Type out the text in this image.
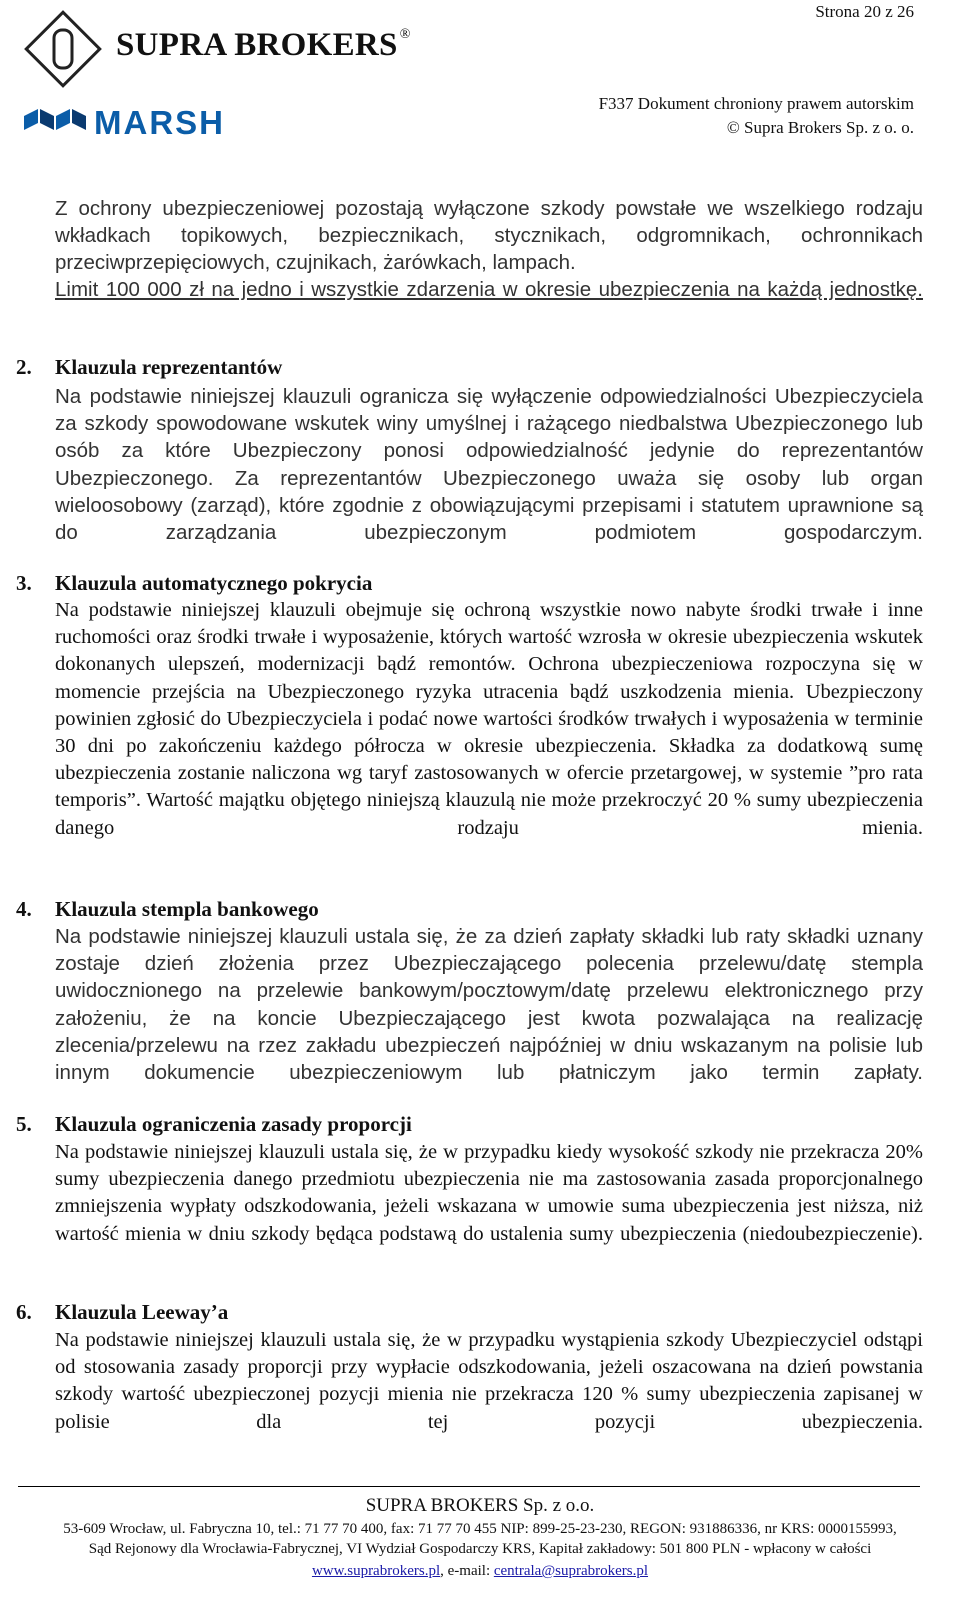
Strona 20 z 26
SUPRA BROKERS ®
MARSH
F337 Dokument chroniony prawem autorskim
© Supra Brokers Sp. z o. o.
Z ochrony ubezpieczeniowej pozostają wyłączone szkody powstałe we wszelkiego rodzaju wkładkach topikowych, bezpiecznikach, stycznikach, odgromnikach, ochronnikach przeciwprzepięciowych, czujnikach, żarówkach, lampach.
Limit 100 000 zł na jedno i wszystkie zdarzenia w okresie ubezpieczenia na każdą jednostkę.
2. Klauzula reprezentantów
Na podstawie niniejszej klauzuli ogranicza się wyłączenie odpowiedzialności Ubezpieczyciela za szkody spowodowane wskutek winy umyślnej i rażącego niedbalstwa Ubezpieczonego lub osób za które Ubezpieczony ponosi odpowiedzialność jedynie do reprezentantów Ubezpieczonego. Za reprezentantów Ubezpieczonego uważa się osoby lub organ wieloosobowy (zarząd), które zgodnie z obowiązującymi przepisami i statutem uprawnione są do zarządzania ubezpieczonym podmiotem gospodarczym.
3. Klauzula automatycznego pokrycia
Na podstawie niniejszej klauzuli obejmuje się ochroną wszystkie nowo nabyte środki trwałe i inne ruchomości oraz środki trwałe i wyposażenie, których wartość wzrosła w okresie ubezpieczenia wskutek dokonanych ulepszeń, modernizacji bądź remontów. Ochrona ubezpieczeniowa rozpoczyna się w momencie przejścia na Ubezpieczonego ryzyka utracenia bądź uszkodzenia mienia. Ubezpieczony powinien zgłosić do Ubezpieczyciela i podać nowe wartości środków trwałych i wyposażenia w terminie 30 dni po zakończeniu każdego półrocza w okresie ubezpieczenia. Składka za dodatkową sumę ubezpieczenia zostanie naliczona wg taryf zastosowanych w ofercie przetargowej, w systemie ”pro rata temporis”. Wartość majątku objętego niniejszą klauzulą nie może przekroczyć 20 % sumy ubezpieczenia danego rodzaju mienia.
4. Klauzula stempla bankowego
Na podstawie niniejszej klauzuli ustala się, że za dzień zapłaty składki lub raty składki uznany zostaje dzień złożenia przez Ubezpieczającego polecenia przelewu/datę stempla uwidocznionego na przelewie bankowym/pocztowym/datę przelewu elektronicznego przy założeniu, że na koncie Ubezpieczającego jest kwota pozwalająca na realizację zlecenia/przelewu na rzez zakładu ubezpieczeń najpóźniej w dniu wskazanym na polisie lub innym dokumencie ubezpieczeniowym lub płatniczym jako termin zapłaty.
5. Klauzula ograniczenia zasady proporcji
Na podstawie niniejszej klauzuli ustala się, że w przypadku kiedy wysokość szkody nie przekracza 20% sumy ubezpieczenia danego przedmiotu ubezpieczenia nie ma zastosowania zasada proporcjonalnego zmniejszenia wypłaty odszkodowania, jeżeli wskazana w umowie suma ubezpieczenia jest niższa, niż wartość mienia w dniu szkody będąca podstawą do ustalenia sumy ubezpieczenia (niedoubezpieczenie).
6. Klauzula Leeway’a
Na podstawie niniejszej klauzuli ustala się, że w przypadku wystąpienia szkody Ubezpieczyciel odstąpi od stosowania zasady proporcji przy wypłacie odszkodowania, jeżeli oszacowana na dzień powstania szkody wartość ubezpieczonej pozycji mienia nie przekracza 120 % sumy ubezpieczenia zapisanej w polisie dla tej pozycji ubezpieczenia.
SUPRA BROKERS Sp. z o.o.
53-609 Wrocław, ul. Fabryczna 10, tel.: 71 77 70 400, fax: 71 77 70 455 NIP: 899-25-23-230, REGON: 931886336, nr KRS: 0000155993,
Sąd Rejonowy dla Wrocławia-Fabrycznej, VI Wydział Gospodarczy KRS, Kapitał zakładowy: 501 800 PLN - wpłacony w całości
www.suprabrokers.pl, e-mail: centrala@suprabrokers.pl
